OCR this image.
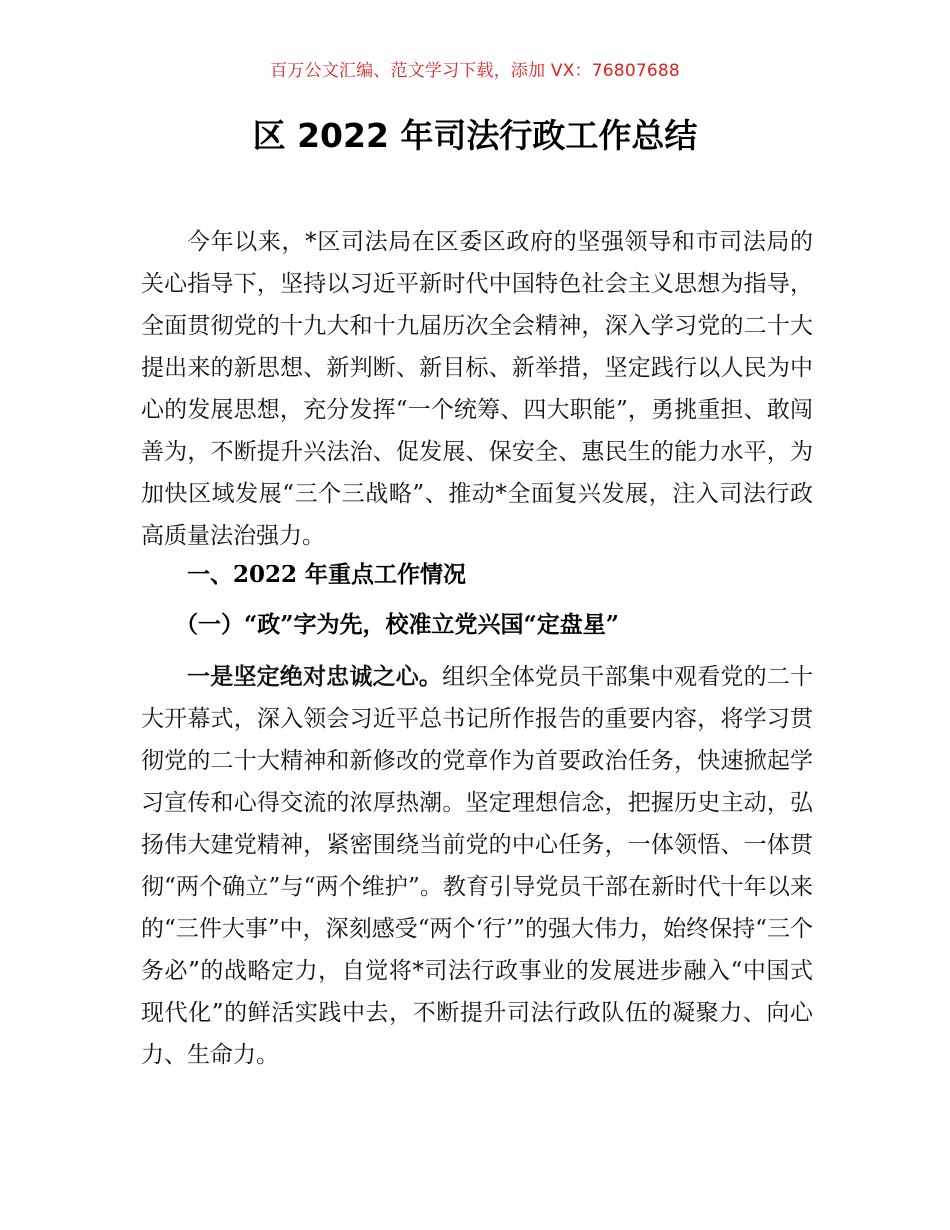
百万公文汇编、范文学习下载，添加 VX：76807688
区 2022 年司法行政工作总结

今年以来，*区司法局在区委区政府的坚强领导和市司法局的关心指导下，坚持以习近平新时代中国特色社会主义思想为指导，全面贯彻党的十九大和十九届历次全会精神，深入学习党的二十大提出来的新思想、新判断、新目标、新举措，坚定践行以人民为中心的发展思想，充分发挥“一个统筹、四大职能”，勇挑重担、敢闯善为，不断提升兴法治、促发展、保安全、惠民生的能力水平，为加快区域发展“三个三战略”、推动*全面复兴发展，注入司法行政高质量法治强力。

一、2022 年重点工作情况

（一）“政”字为先，校准立党兴国“定盘星”

一是坚定绝对忠诚之心。组织全体党员干部集中观看党的二十大开幕式，深入领会习近平总书记所作报告的重要内容，将学习贯彻党的二十大精神和新修改的党章作为首要政治任务，快速掀起学习宣传和心得交流的浓厚热潮。坚定理想信念，把握历史主动，弘扬伟大建党精神，紧密围绕当前党的中心任务，一体领悟、一体贯彻“两个确立”与“两个维护”。教育引导党员干部在新时代十年以来的“三件大事”中，深刻感受“两个‘行’”的强大伟力，始终保持“三个务必”的战略定力，自觉将*司法行政事业的发展进步融入“中国式现代化”的鲜活实践中去，不断提升司法行政队伍的凝聚力、向心力、生命力。
